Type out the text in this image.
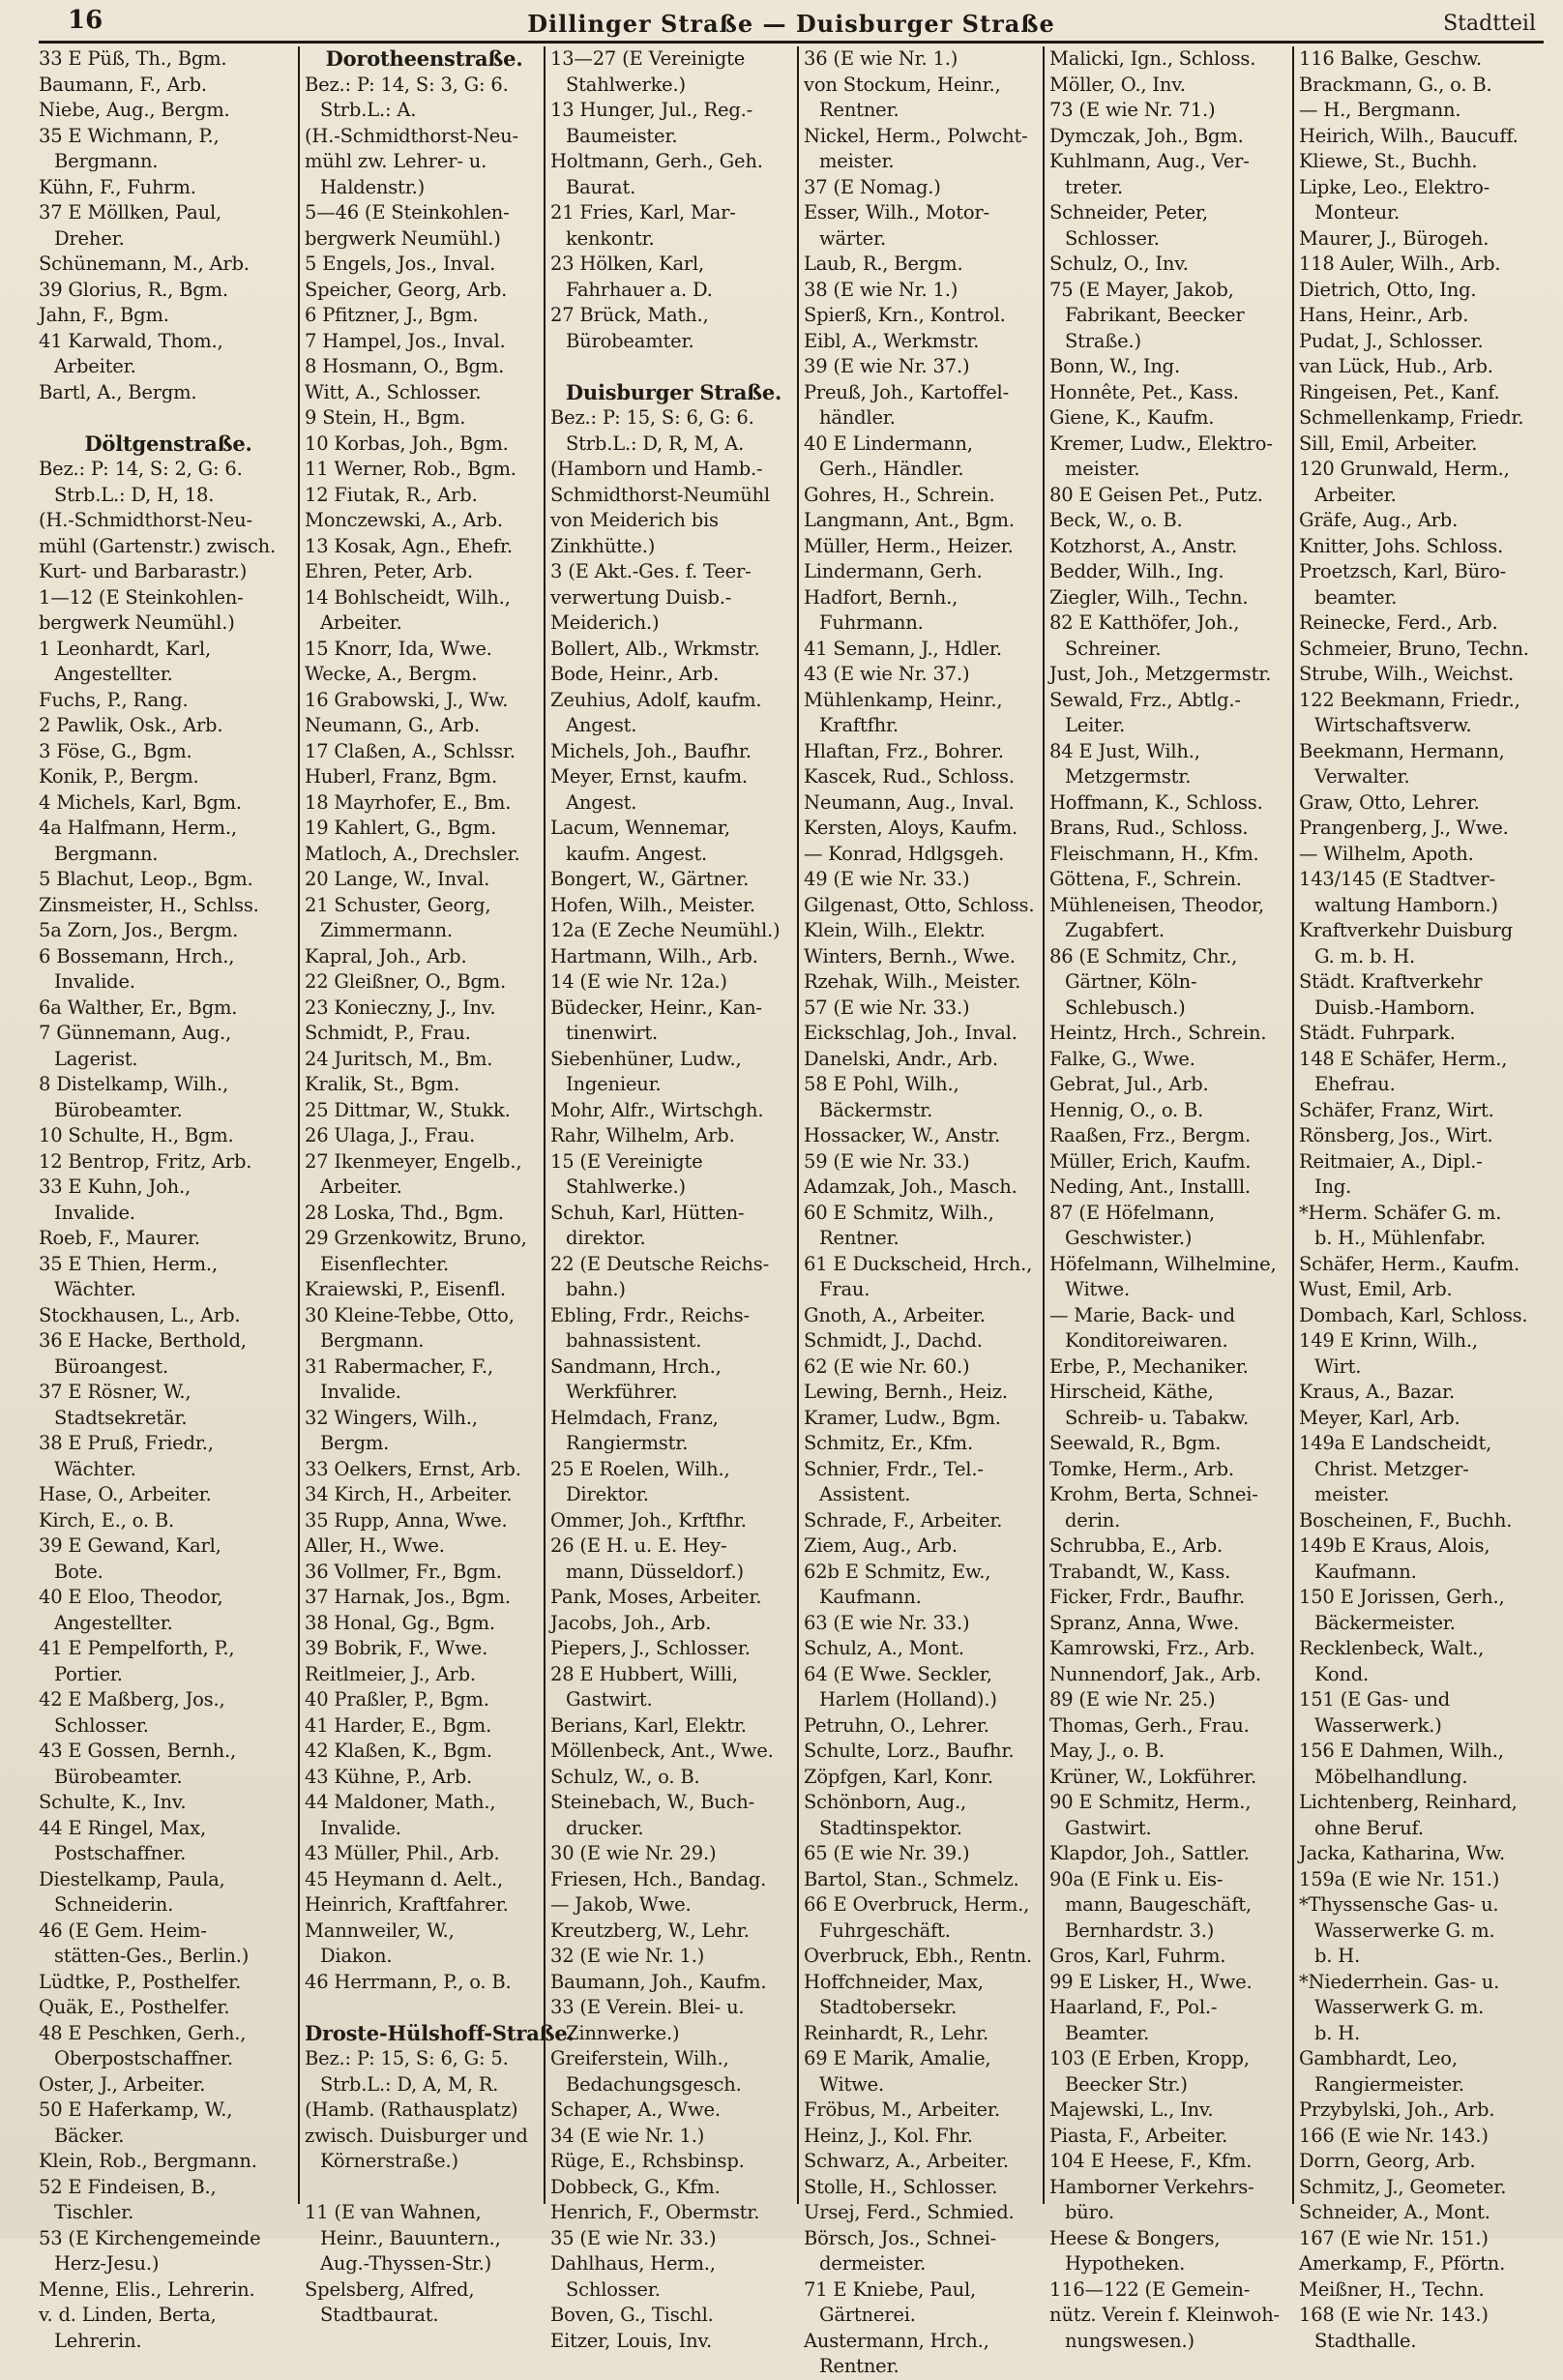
16	Dillinger Straße — Duisburger Straße	Stadtteil
33 E Püß, Th., Bgm.
Baumann, F., Arb.
Niebe, Aug., Bergm.
35 E Wichmann, P.,
Bergmann.
Kühn, F., Fuhrm.
37 E Möllken, Paul,
Dreher.
Schünemann, M., Arb.
39 Glorius, R., Bgm.
Jahn, F., Bgm.
41 Karwald, Thom.,
Arbeiter.
Bartl, A., Bergm.
Döltgenstraße.
Bez.: P: 14, S: 2, G: 6.
Strb.L.: D, H, 18.
(H.-Schmidthorst-Neu-
mühl (Gartenstr.) zwisch.
Kurt- und Barbarastr.)
1—12 (E Steinkohlen-
bergwerk Neumühl.)
1 Leonhardt, Karl,
Angestellter.
Fuchs, P., Rang.
2 Pawlik, Osk., Arb.
3 Föse, G., Bgm.
Konik, P., Bergm.
4 Michels, Karl, Bgm.
4a Halfmann, Herm.,
Bergmann.
5 Blachut, Leop., Bgm.
Zinsmeister, H., Schlss.
5a Zorn, Jos., Bergm.
6 Bossemann, Hrch.,
Invalide.
6a Walther, Er., Bgm.
7 Günnemann, Aug.,
Lagerist.
8 Distelkamp, Wilh.,
Bürobeamter.
10 Schulte, H., Bgm.
12 Bentrop, Fritz, Arb.
33 E Kuhn, Joh.,
Invalide.
Roeb, F., Maurer.
35 E Thien, Herm.,
Wächter.
Stockhausen, L., Arb.
36 E Hacke, Berthold,
Büroangest.
37 E Rösner, W.,
Stadtsekretär.
38 E Pruß, Friedr.,
Wächter.
Hase, O., Arbeiter.
Kirch, E., o. B.
39 E Gewand, Karl,
Bote.
40 E Eloo, Theodor,
Angestellter.
41 E Pempelforth, P.,
Portier.
42 E Maßberg, Jos.,
Schlosser.
43 E Gossen, Bernh.,
Bürobeamter.
Schulte, K., Inv.
44 E Ringel, Max,
Postschaffner.
Diestelkamp, Paula,
Schneiderin.
46 (E Gem. Heim-
stätten-Ges., Berlin.)
Lüdtke, P., Posthelfer.
Quäk, E., Posthelfer.
48 E Peschken, Gerh.,
Oberpostschaffner.
Oster, J., Arbeiter.
50 E Haferkamp, W.,
Bäcker.
Klein, Rob., Bergmann.
52 E Findeisen, B.,
Tischler.
53 (E Kirchengemeinde
Herz-Jesu.)
Menne, Elis., Lehrerin.
v. d. Linden, Berta,
Lehrerin.
Dorotheenstraße.
Bez.: P: 14, S: 3, G: 6.
Strb.L.: A.
(H.-Schmidthorst-Neu-
mühl zw. Lehrer- u.
Haldenstr.)
5—46 (E Steinkohlen-
bergwerk Neumühl.)
5 Engels, Jos., Inval.
Speicher, Georg, Arb.
6 Pfitzner, J., Bgm.
7 Hampel, Jos., Inval.
8 Hosmann, O., Bgm.
Witt, A., Schlosser.
9 Stein, H., Bgm.
10 Korbas, Joh., Bgm.
11 Werner, Rob., Bgm.
12 Fiutak, R., Arb.
Monczewski, A., Arb.
13 Kosak, Agn., Ehefr.
Ehren, Peter, Arb.
14 Bohlscheidt, Wilh.,
Arbeiter.
15 Knorr, Ida, Wwe.
Wecke, A., Bergm.
16 Grabowski, J., Ww.
Neumann, G., Arb.
17 Claßen, A., Schlssr.
Huberl, Franz, Bgm.
18 Mayrhofer, E., Bm.
19 Kahlert, G., Bgm.
Matloch, A., Drechsler.
20 Lange, W., Inval.
21 Schuster, Georg,
Zimmermann.
Kapral, Joh., Arb.
22 Gleißner, O., Bgm.
23 Konieczny, J., Inv.
Schmidt, P., Frau.
24 Juritsch, M., Bm.
Kralik, St., Bgm.
25 Dittmar, W., Stukk.
26 Ulaga, J., Frau.
27 Ikenmeyer, Engelb.,
Arbeiter.
28 Loska, Thd., Bgm.
29 Grzenkowitz, Bruno,
Eisenflechter.
Kraiewski, P., Eisenfl.
30 Kleine-Tebbe, Otto,
Bergmann.
31 Rabermacher, F.,
Invalide.
32 Wingers, Wilh.,
Bergm.
33 Oelkers, Ernst, Arb.
34 Kirch, H., Arbeiter.
35 Rupp, Anna, Wwe.
Aller, H., Wwe.
36 Vollmer, Fr., Bgm.
37 Harnak, Jos., Bgm.
38 Honal, Gg., Bgm.
39 Bobrik, F., Wwe.
Reitlmeier, J., Arb.
40 Praßler, P., Bgm.
41 Harder, E., Bgm.
42 Klaßen, K., Bgm.
43 Kühne, P., Arb.
44 Maldoner, Math.,
Invalide.
43 Müller, Phil., Arb.
45 Heymann d. Aelt.,
Heinrich, Kraftfahrer.
Mannweiler, W.,
Diakon.
46 Herrmann, P., o. B.
Droste-Hülshoff-Straße.
Bez.: P: 15, S: 6, G: 5.
Strb.L.: D, A, M, R.
(Hamb. (Rathausplatz)
zwisch. Duisburger und
Körnerstraße.)
11 (E van Wahnen,
Heinr., Bauuntern.,
Aug.-Thyssen-Str.)
Spelsberg, Alfred,
Stadtbaurat.
13—27 (E Vereinigte
Stahlwerke.)
13 Hunger, Jul., Reg.-
Baumeister.
Holtmann, Gerh., Geh.
Baurat.
21 Fries, Karl, Mar-
kenkontr.
23 Hölken, Karl,
Fahrhauer a. D.
27 Brück, Math.,
Bürobeamter.
Duisburger Straße.
Bez.: P: 15, S: 6, G: 6.
Strb.L.: D, R, M, A.
(Hamborn und Hamb.-
Schmidthorst-Neumühl
von Meiderich bis
Zinkhütte.)
3 (E Akt.-Ges. f. Teer-
verwertung Duisb.-
Meiderich.)
Bollert, Alb., Wrkmstr.
Bode, Heinr., Arb.
Zeuhius, Adolf, kaufm.
Angest.
Michels, Joh., Baufhr.
Meyer, Ernst, kaufm.
Angest.
Lacum, Wennemar,
kaufm. Angest.
Bongert, W., Gärtner.
Hofen, Wilh., Meister.
12a (E Zeche Neumühl.)
Hartmann, Wilh., Arb.
14 (E wie Nr. 12a.)
Büdecker, Heinr., Kan-
tinenwirt.
Siebenhüner, Ludw.,
Ingenieur.
Mohr, Alfr., Wirtschgh.
Rahr, Wilhelm, Arb.
15 (E Vereinigte
Stahlwerke.)
Schuh, Karl, Hütten-
direktor.
22 (E Deutsche Reichs-
bahn.)
Ebling, Frdr., Reichs-
bahnassistent.
Sandmann, Hrch.,
Werkführer.
Helmdach, Franz,
Rangiermstr.
25 E Roelen, Wilh.,
Direktor.
Ommer, Joh., Krftfhr.
26 (E H. u. E. Hey-
mann, Düsseldorf.)
Pank, Moses, Arbeiter.
Jacobs, Joh., Arb.
Piepers, J., Schlosser.
28 E Hubbert, Willi,
Gastwirt.
Berians, Karl, Elektr.
Möllenbeck, Ant., Wwe.
Schulz, W., o. B.
Steinebach, W., Buch-
drucker.
30 (E wie Nr. 29.)
Friesen, Hch., Bandag.
— Jakob, Wwe.
Kreutzberg, W., Lehr.
32 (E wie Nr. 1.)
Baumann, Joh., Kaufm.
33 (E Verein. Blei- u.
Zinnwerke.)
Greiferstein, Wilh.,
Bedachungsgesch.
Schaper, A., Wwe.
34 (E wie Nr. 1.)
Rüge, E., Rchsbinsp.
Dobbeck, G., Kfm.
Henrich, F., Obermstr.
35 (E wie Nr. 33.)
Dahlhaus, Herm.,
Schlosser.
Boven, G., Tischl.
Eitzer, Louis, Inv.
36 (E wie Nr. 1.)
von Stockum, Heinr.,
Rentner.
Nickel, Herm., Polwcht-
meister.
37 (E Nomag.)
Esser, Wilh., Motor-
wärter.
Laub, R., Bergm.
38 (E wie Nr. 1.)
Spierß, Krn., Kontrol.
Eibl, A., Werkmstr.
39 (E wie Nr. 37.)
Preuß, Joh., Kartoffel-
händler.
40 E Lindermann,
Gerh., Händler.
Gohres, H., Schrein.
Langmann, Ant., Bgm.
Müller, Herm., Heizer.
Lindermann, Gerh.
Hadfort, Bernh.,
Fuhrmann.
41 Semann, J., Hdler.
43 (E wie Nr. 37.)
Mühlenkamp, Heinr.,
Kraftfhr.
Hlaftan, Frz., Bohrer.
Kascek, Rud., Schloss.
Neumann, Aug., Inval.
Kersten, Aloys, Kaufm.
— Konrad, Hdlgsgeh.
49 (E wie Nr. 33.)
Gilgenast, Otto, Schloss.
Klein, Wilh., Elektr.
Winters, Bernh., Wwe.
Rzehak, Wilh., Meister.
57 (E wie Nr. 33.)
Eickschlag, Joh., Inval.
Danelski, Andr., Arb.
58 E Pohl, Wilh.,
Bäckermstr.
Hossacker, W., Anstr.
59 (E wie Nr. 33.)
Adamzak, Joh., Masch.
60 E Schmitz, Wilh.,
Rentner.
61 E Duckscheid, Hrch.,
Frau.
Gnoth, A., Arbeiter.
Schmidt, J., Dachd.
62 (E wie Nr. 60.)
Lewing, Bernh., Heiz.
Kramer, Ludw., Bgm.
Schmitz, Er., Kfm.
Schnier, Frdr., Tel.-
Assistent.
Schrade, F., Arbeiter.
Ziem, Aug., Arb.
62b E Schmitz, Ew.,
Kaufmann.
63 (E wie Nr. 33.)
Schulz, A., Mont.
64 (E Wwe. Seckler,
Harlem (Holland).)
Petruhn, O., Lehrer.
Schulte, Lorz., Baufhr.
Zöpfgen, Karl, Konr.
Schönborn, Aug.,
Stadtinspektor.
65 (E wie Nr. 39.)
Bartol, Stan., Schmelz.
66 E Overbruck, Herm.,
Fuhrgeschäft.
Overbruck, Ebh., Rentn.
Hoffchneider, Max,
Stadtobersekr.
Reinhardt, R., Lehr.
69 E Marik, Amalie,
Witwe.
Fröbus, M., Arbeiter.
Heinz, J., Kol. Fhr.
Schwarz, A., Arbeiter.
Stolle, H., Schlosser.
Ursej, Ferd., Schmied.
Börsch, Jos., Schnei-
dermeister.
71 E Kniebe, Paul,
Gärtnerei.
Austermann, Hrch.,
Rentner.
Malicki, Ign., Schloss.
Möller, O., Inv.
73 (E wie Nr. 71.)
Dymczak, Joh., Bgm.
Kuhlmann, Aug., Ver-
treter.
Schneider, Peter,
Schlosser.
Schulz, O., Inv.
75 (E Mayer, Jakob,
Fabrikant, Beecker
Straße.)
Bonn, W., Ing.
Honnête, Pet., Kass.
Giene, K., Kaufm.
Kremer, Ludw., Elektro-
meister.
80 E Geisen Pet., Putz.
Beck, W., o. B.
Kotzhorst, A., Anstr.
Bedder, Wilh., Ing.
Ziegler, Wilh., Techn.
82 E Katthöfer, Joh.,
Schreiner.
Just, Joh., Metzgermstr.
Sewald, Frz., Abtlg.-
Leiter.
84 E Just, Wilh.,
Metzgermstr.
Hoffmann, K., Schloss.
Brans, Rud., Schloss.
Fleischmann, H., Kfm.
Göttena, F., Schrein.
Mühleneisen, Theodor,
Zugabfert.
86 (E Schmitz, Chr.,
Gärtner, Köln-
Schlebusch.)
Heintz, Hrch., Schrein.
Falke, G., Wwe.
Gebrat, Jul., Arb.
Hennig, O., o. B.
Raaßen, Frz., Bergm.
Müller, Erich, Kaufm.
Neding, Ant., Installl.
87 (E Höfelmann,
Geschwister.)
Höfelmann, Wilhelmine,
Witwe.
— Marie, Back- und
Konditoreiwaren.
Erbe, P., Mechaniker.
Hirscheid, Käthe,
Schreib- u. Tabakw.
Seewald, R., Bgm.
Tomke, Herm., Arb.
Krohm, Berta, Schnei-
derin.
Schrubba, E., Arb.
Trabandt, W., Kass.
Ficker, Frdr., Baufhr.
Spranz, Anna, Wwe.
Kamrowski, Frz., Arb.
Nunnendorf, Jak., Arb.
89 (E wie Nr. 25.)
Thomas, Gerh., Frau.
May, J., o. B.
Krüner, W., Lokführer.
90 E Schmitz, Herm.,
Gastwirt.
Klapdor, Joh., Sattler.
90a (E Fink u. Eis-
mann, Baugeschäft,
Bernhardstr. 3.)
Gros, Karl, Fuhrm.
99 E Lisker, H., Wwe.
Haarland, F., Pol.-
Beamter.
103 (E Erben, Kropp,
Beecker Str.)
Majewski, L., Inv.
Piasta, F., Arbeiter.
104 E Heese, F., Kfm.
Hamborner Verkehrs-
büro.
Heese & Bongers,
Hypotheken.
116—122 (E Gemein-
nütz. Verein f. Kleinwoh-
nungswesen.)
116 Balke, Geschw.
Brackmann, G., o. B.
— H., Bergmann.
Heirich, Wilh., Baucuff.
Kliewe, St., Buchh.
Lipke, Leo., Elektro-
Monteur.
Maurer, J., Bürogeh.
118 Auler, Wilh., Arb.
Dietrich, Otto, Ing.
Hans, Heinr., Arb.
Pudat, J., Schlosser.
van Lück, Hub., Arb.
Ringeisen, Pet., Kanf.
Schmellenkamp, Friedr.
Sill, Emil, Arbeiter.
120 Grunwald, Herm.,
Arbeiter.
Gräfe, Aug., Arb.
Knitter, Johs. Schloss.
Proetzsch, Karl, Büro-
beamter.
Reinecke, Ferd., Arb.
Schmeier, Bruno, Techn.
Strube, Wilh., Weichst.
122 Beekmann, Friedr.,
Wirtschaftsverw.
Beekmann, Hermann,
Verwalter.
Graw, Otto, Lehrer.
Prangenberg, J., Wwe.
— Wilhelm, Apoth.
143/145 (E Stadtver-
waltung Hamborn.)
Kraftverkehr Duisburg
G. m. b. H.
Städt. Kraftverkehr
Duisb.-Hamborn.
Städt. Fuhrpark.
148 E Schäfer, Herm.,
Ehefrau.
Schäfer, Franz, Wirt.
Rönsberg, Jos., Wirt.
Reitmaier, A., Dipl.-
Ing.
*Herm. Schäfer G. m.
b. H., Mühlenfabr.
Schäfer, Herm., Kaufm.
Wust, Emil, Arb.
Dombach, Karl, Schloss.
149 E Krinn, Wilh.,
Wirt.
Kraus, A., Bazar.
Meyer, Karl, Arb.
149a E Landscheidt,
Christ. Metzger-
meister.
Boscheinen, F., Buchh.
149b E Kraus, Alois,
Kaufmann.
150 E Jorissen, Gerh.,
Bäckermeister.
Recklenbeck, Walt.,
Kond.
151 (E Gas- und
Wasserwerk.)
156 E Dahmen, Wilh.,
Möbelhandlung.
Lichtenberg, Reinhard,
ohne Beruf.
Jacka, Katharina, Ww.
159a (E wie Nr. 151.)
*Thyssensche Gas- u.
Wasserwerke G. m.
b. H.
*Niederrhein. Gas- u.
Wasserwerk G. m.
b. H.
Gambhardt, Leo,
Rangiermeister.
Przybylski, Joh., Arb.
166 (E wie Nr. 143.)
Dorrn, Georg, Arb.
Schmitz, J., Geometer.
Schneider, A., Mont.
167 (E wie Nr. 151.)
Amerkamp, F., Pförtn.
Meißner, H., Techn.
168 (E wie Nr. 143.)
Stadthalle.
